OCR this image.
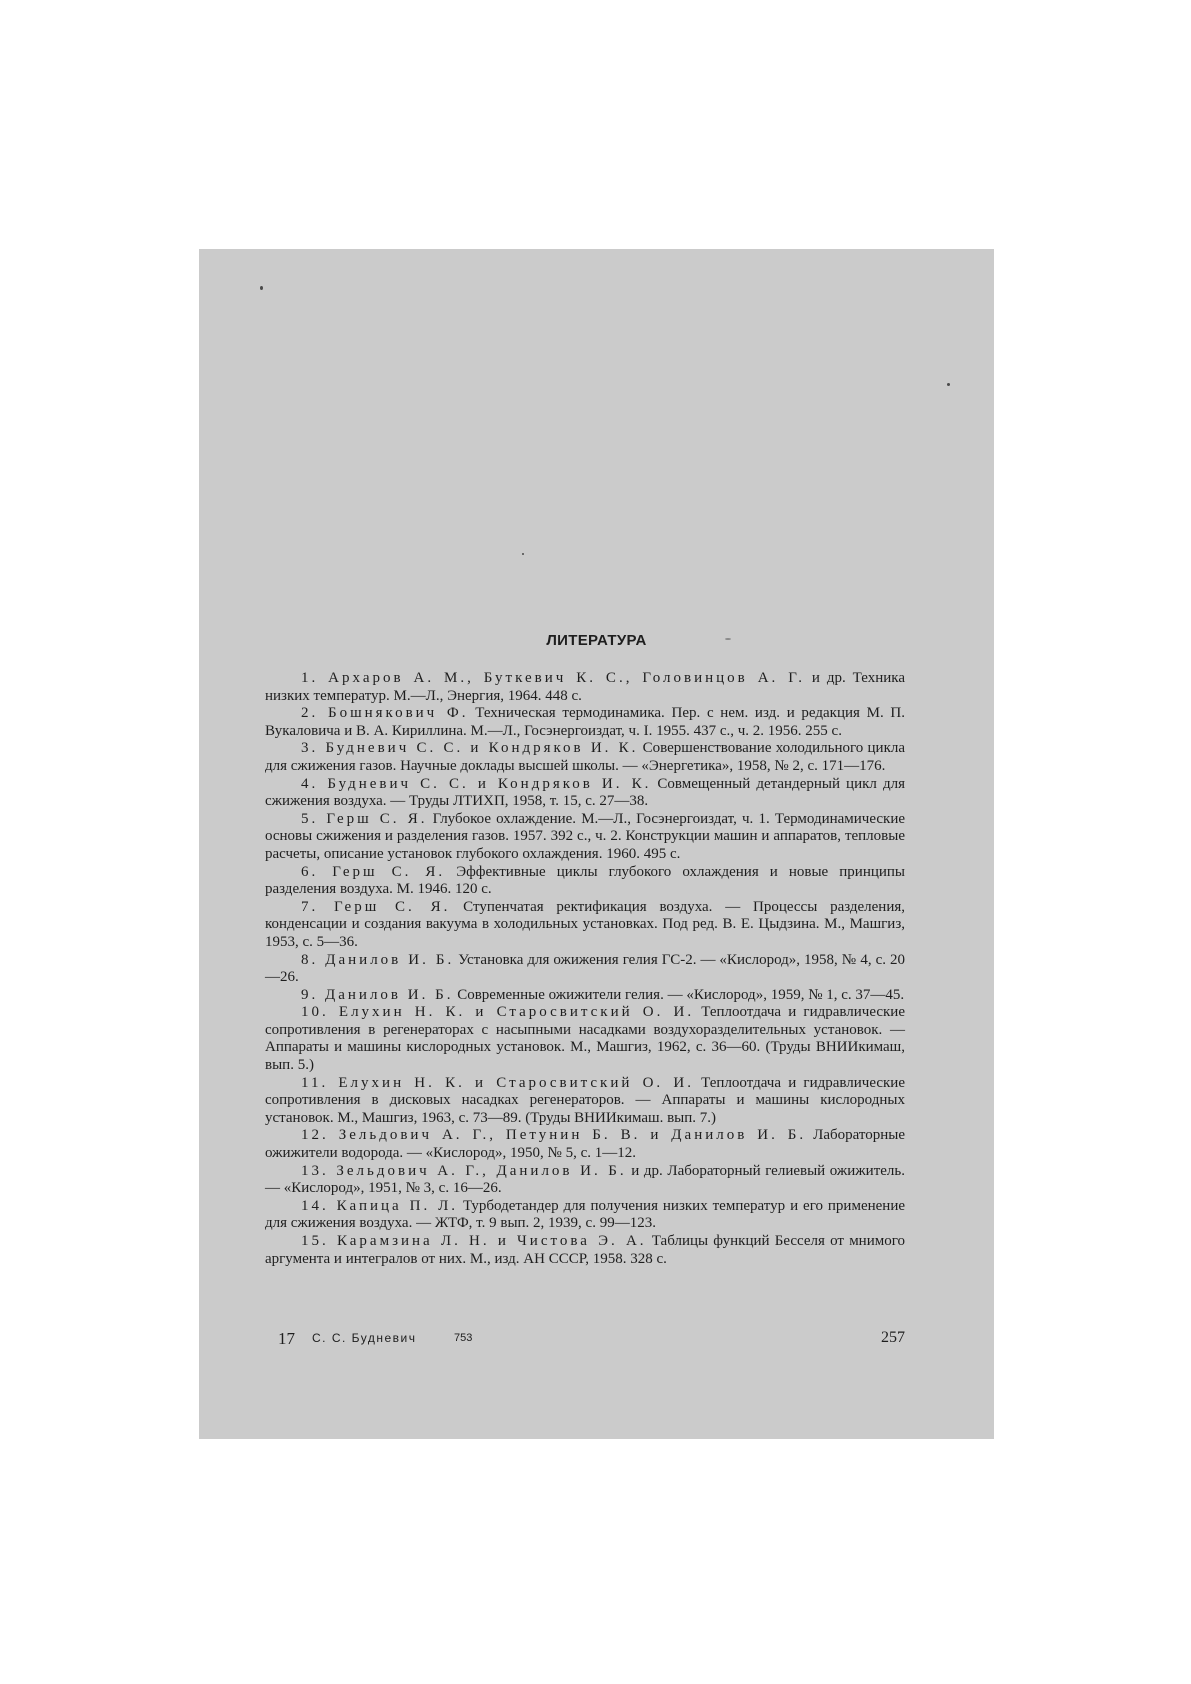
ЛИТЕРАТУРА

1. Архаров А. М., Буткевич К. С., Головинцов А. Г. и др. Техника низких температур. М.—Л., Энергия, 1964. 448 с.

2. Бошнякович Ф. Техническая термодинамика. Пер. с нем. изд. и редакция М. П. Вукаловича и В. А. Кириллина. М.—Л., Госэнергоиздат, ч. I. 1955. 437 с., ч. 2. 1956. 255 с.

3. Будневич С. С. и Кондряков И. К. Совершенствование холодильного цикла для сжижения газов. Научные доклады высшей школы. — «Энергетика», 1958, № 2, с. 171—176.

4. Будневич С. С. и Кондряков И. К. Совмещенный детандерный цикл для сжижения воздуха. — Труды ЛТИХП, 1958, т. 15, с. 27—38.

5. Герш С. Я. Глубокое охлаждение. М.—Л., Госэнергоиздат, ч. 1. Термодинамические основы сжижения и разделения газов. 1957. 392 с., ч. 2. Конструкции машин и аппаратов, тепловые расчеты, описание установок глубокого охлаждения. 1960. 495 с.

6. Герш С. Я. Эффективные циклы глубокого охлаждения и новые принципы разделения воздуха. М. 1946. 120 с.

7. Герш С. Я. Ступенчатая ректификация воздуха. — Процессы разделения, конденсации и создания вакуума в холодильных установках. Под ред. В. Е. Цыдзина. М., Машгиз, 1953, с. 5—36.

8. Данилов И. Б. Установка для ожижения гелия ГС-2. — «Кислород», 1958, № 4, с. 20—26.

9. Данилов И. Б. Современные ожижители гелия. — «Кислород», 1959, № 1, с. 37—45.

10. Елухин Н. К. и Старосвитский О. И. Теплоотдача и гидравлические сопротивления в регенераторах с насыпными насадками воздухоразделительных установок. — Аппараты и машины кислородных установок. М., Машгиз, 1962, с. 36—60. (Труды ВНИИкимаш, вып. 5.)

11. Елухин Н. К. и Старосвитский О. И. Теплоотдача и гидравлические сопротивления в дисковых насадках регенераторов. — Аппараты и машины кислородных установок. М., Машгиз, 1963, с. 73—89. (Труды ВНИИкимаш. вып. 7.)

12. Зельдович А. Г., Петунин Б. В. и Данилов И. Б. Лабораторные ожижители водорода. — «Кислород», 1950, № 5, с. 1—12.

13. Зельдович А. Г., Данилов И. Б. и др. Лабораторный гелиевый ожижитель. — «Кислород», 1951, № 3, с. 16—26.

14. Капица П. Л. Турбодетандер для получения низких температур и его применение для сжижения воздуха. — ЖТФ, т. 9 вып. 2, 1939, с. 99—123.

15. Карамзина Л. Н. и Чистова Э. А. Таблицы функций Бесселя от мнимого аргумента и интегралов от них. М., изд. АН СССР, 1958. 328 с.

17 С. С. Будневич	753	257
